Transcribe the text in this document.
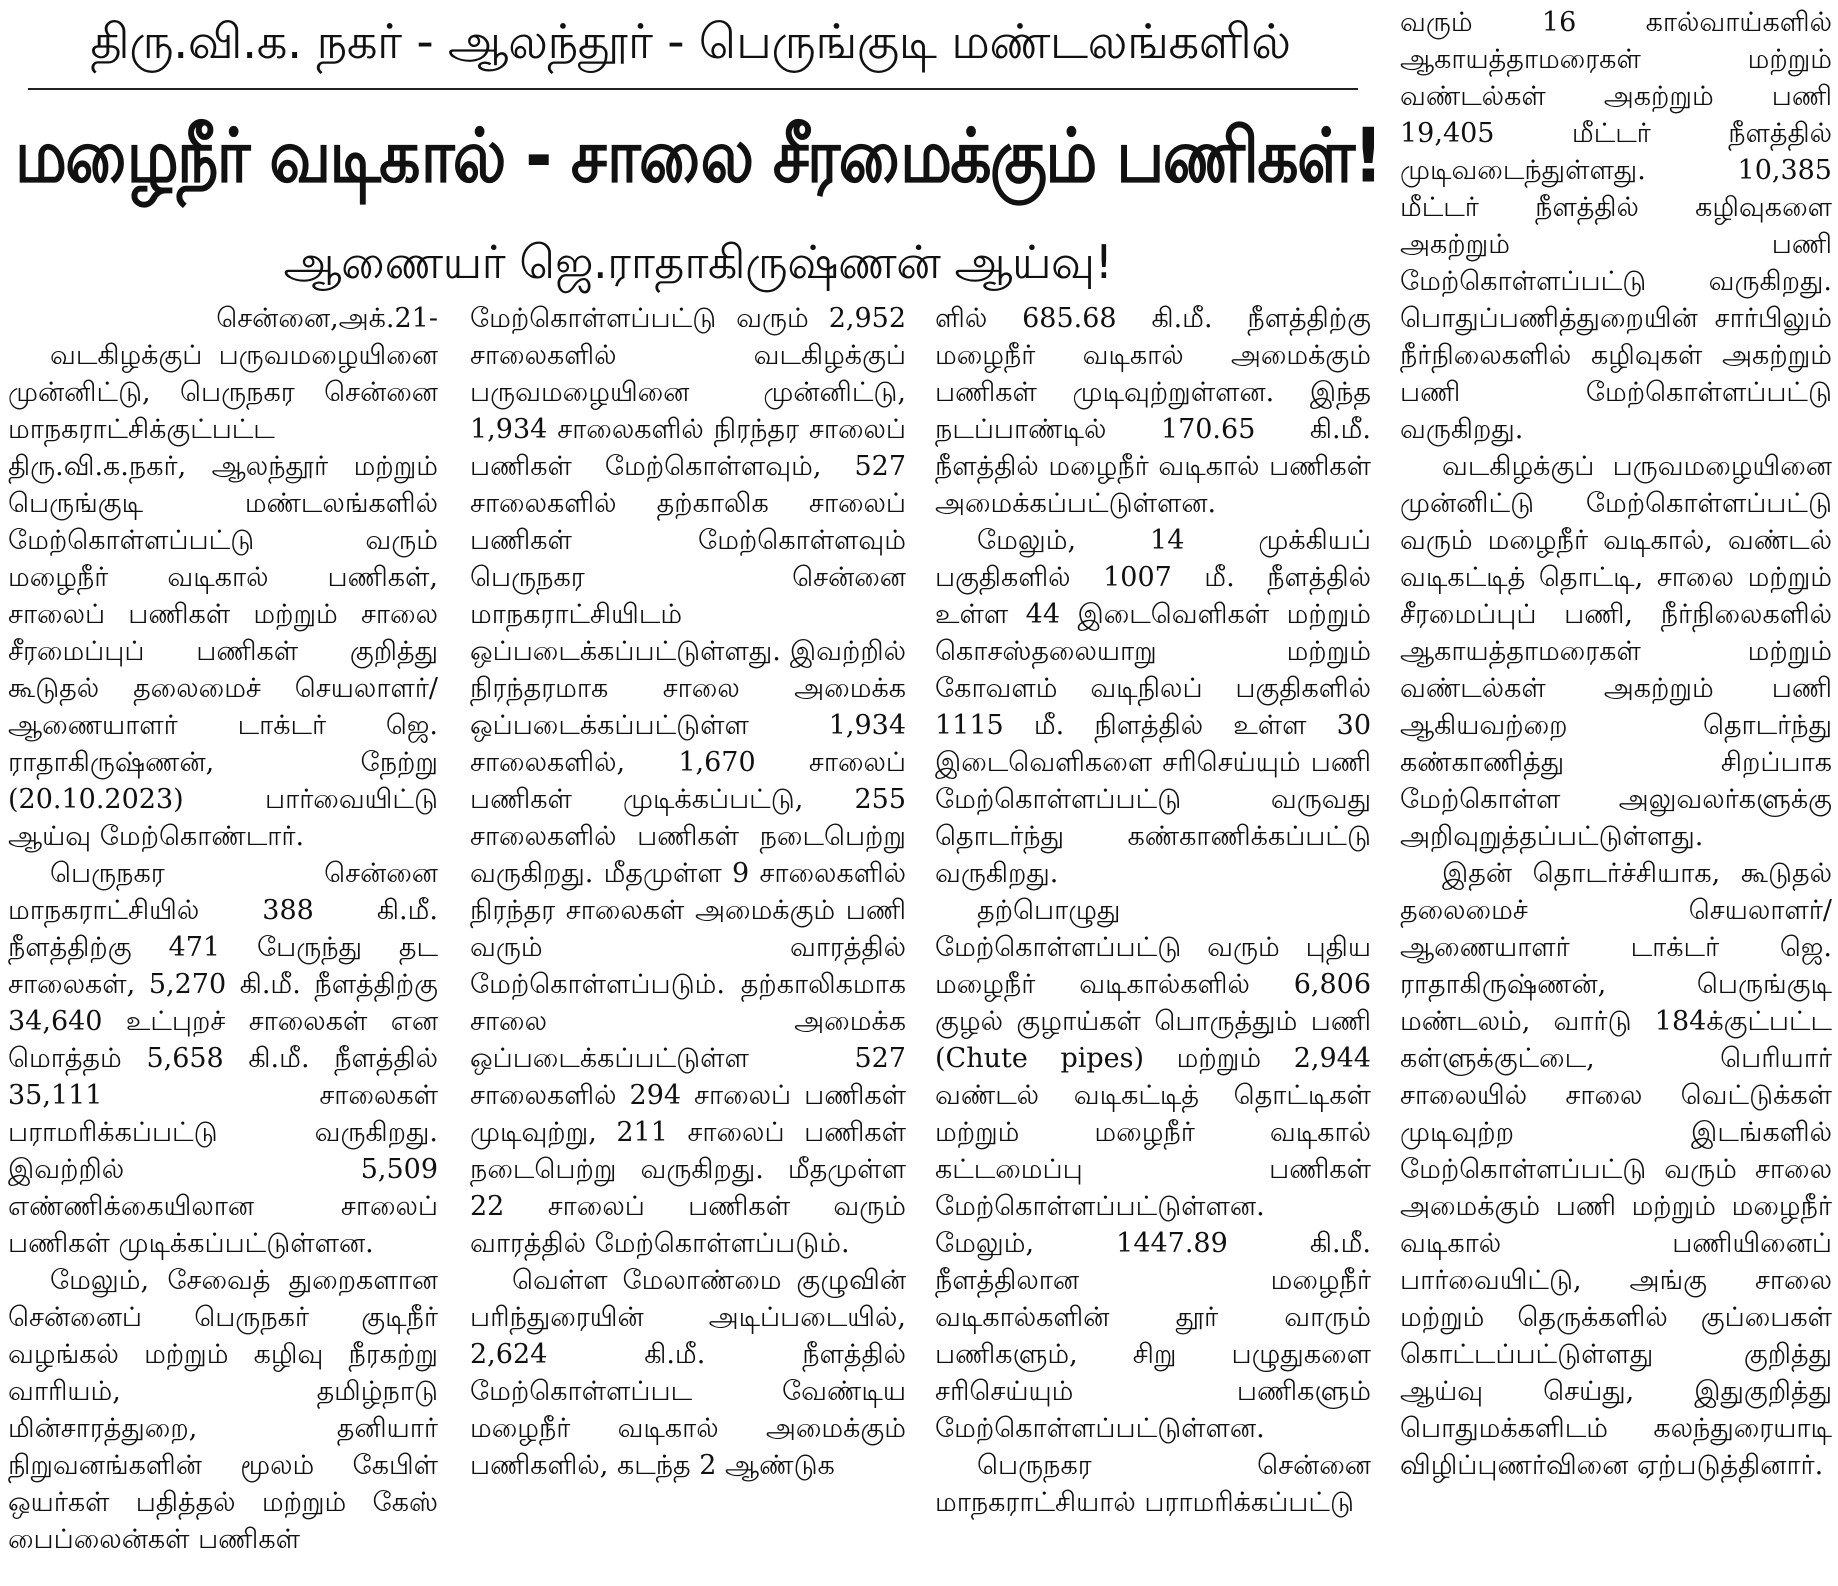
திரு.வி.க. நகர் - ஆலந்தூர் - பெருங்குடி மண்டலங்களில்
மழைநீர் வடிகால் - சாலை சீரமைக்கும் பணிகள்!
ஆணையர் ஜெ.ராதாகிருஷ்ணன் ஆய்வு!

சென்னை,அக்.21-

வடகிழக்குப் பருவமழையினை முன்னிட்டு, பெருநகர சென்னை மாநகராட்சிக்குட்பட்ட திரு.வி.க.நகர், ஆலந்தூர் மற்றும் பெருங்குடி மண்டலங்களில் மேற்கொள்ளப்பட்டு வரும் மழைநீர் வடிகால் பணிகள், சாலைப் பணிகள் மற்றும் சாலை சீரமைப்புப் பணிகள் குறித்து கூடுதல் தலைமைச் செயலாளர்/ஆணையாளர் டாக்டர் ஜெ. ராதாகிருஷ்ணன், நேற்று (20.10.2023) பார்வையிட்டு ஆய்வு மேற்கொண்டார்.

பெருநகர சென்னை மாநகராட்சியில் 388 கி.மீ. நீளத்திற்கு 471 பேருந்து தட சாலைகள், 5,270 கி.மீ. நீளத்திற்கு 34,640 உட்புறச் சாலைகள் என மொத்தம் 5,658 கி.மீ. நீளத்தில் 35,111 சாலைகள் பராமரிக்கப்பட்டு வருகிறது. இவற்றில் 5,509 எண்ணிக்கையிலான சாலைப் பணிகள் முடிக்கப்பட்டுள்ளன.

மேலும், சேவைத் துறைகளான சென்னைப் பெருநகர் குடிநீர் வழங்கல் மற்றும் கழிவு நீரகற்று வாரியம், தமிழ்நாடு மின்சாரத்துறை, தனியார் நிறுவனங்களின் மூலம் கேபிள் ஒயர்கள் பதித்தல் மற்றும் கேஸ் பைப்லைன்கள் பணிகள்

மேற்கொள்ளப்பட்டு வரும் 2,952 சாலைகளில் வடகிழக்குப் பருவமழையினை முன்னிட்டு, 1,934 சாலைகளில் நிரந்தர சாலைப் பணிகள் மேற்கொள்ளவும், 527 சாலைகளில் தற்காலிக சாலைப் பணிகள் மேற்கொள்ளவும் பெருநகர சென்னை மாநகராட்சியிடம் ஒப்படைக்கப்பட்டுள்ளது. இவற்றில் நிரந்தரமாக சாலை அமைக்க ஒப்படைக்கப்பட்டுள்ள 1,934 சாலைகளில், 1,670 சாலைப் பணிகள் முடிக்கப்பட்டு, 255 சாலைகளில் பணிகள் நடைபெற்று வருகிறது. மீதமுள்ள 9 சாலைகளில் நிரந்தர சாலைகள் அமைக்கும் பணி வரும் வாரத்தில் மேற்கொள்ளப்படும். தற்காலிகமாக சாலை அமைக்க ஒப்படைக்கப்பட்டுள்ள 527 சாலைகளில் 294 சாலைப் பணிகள் முடிவுற்று, 211 சாலைப் பணிகள் நடைபெற்று வருகிறது. மீதமுள்ள 22 சாலைப் பணிகள் வரும் வாரத்தில் மேற்கொள்ளப்படும்.

வெள்ள மேலாண்மை குழுவின் பரிந்துரையின் அடிப்படையில், 2,624 கி.மீ. நீளத்தில் மேற்கொள்ளப்பட வேண்டிய மழைநீர் வடிகால் அமைக்கும் பணிகளில், கடந்த 2 ஆண்டுக

ளில் 685.68 கி.மீ. நீளத்திற்கு மழைநீர் வடிகால் அமைக்கும் பணிகள் முடிவுற்றுள்ளன. இந்த நடப்பாண்டில் 170.65 கி.மீ. நீளத்தில் மழைநீர் வடிகால் பணிகள் அமைக்கப்பட்டுள்ளன.

மேலும், 14 முக்கியப் பகுதிகளில் 1007 மீ. நீளத்தில் உள்ள 44 இடைவெளிகள் மற்றும் கொசஸ்தலையாறு மற்றும் கோவளம் வடிநிலப் பகுதிகளில் 1115 மீ. நிளத்தில் உள்ள 30 இடைவெளிகளை சரிசெய்யும் பணி மேற்கொள்ளப்பட்டு வருவது தொடர்ந்து கண்காணிக்கப்பட்டு வருகிறது.

தற்பொழுது மேற்கொள்ளப்பட்டு வரும் புதிய மழைநீர் வடிகால்களில் 6,806 குழல் குழாய்கள் பொருத்தும் பணி (Chute pipes) மற்றும் 2,944 வண்டல் வடிகட்டித் தொட்டிகள் மற்றும் மழைநீர் வடிகால் கட்டமைப்பு பணிகள் மேற்கொள்ளப்பட்டுள்ளன. மேலும், 1447.89 கி.மீ. நீளத்திலான மழைநீர் வடிகால்களின் தூர் வாரும் பணிகளும், சிறு பழுதுகளை சரிசெய்யும் பணிகளும் மேற்கொள்ளப்பட்டுள்ளன.

பெருநகர சென்னை மாநகராட்சியால் பராமரிக்கப்பட்டு

வரும் 16 கால்வாய்களில் ஆகாயத்தாமரைகள் மற்றும் வண்டல்கள் அகற்றும் பணி 19,405 மீட்டர் நீளத்தில் முடிவடைந்துள்ளது. 10,385 மீட்டர் நீளத்தில் கழிவுகளை அகற்றும் பணி மேற்கொள்ளப்பட்டு வருகிறது. பொதுப்பணித்துறையின் சார்பிலும் நீர்நிலைகளில் கழிவுகள் அகற்றும் பணி மேற்கொள்ளப்பட்டு வருகிறது.

வடகிழக்குப் பருவமழையினை முன்னிட்டு மேற்கொள்ளப்பட்டு வரும் மழைநீர் வடிகால், வண்டல் வடிகட்டித் தொட்டி, சாலை மற்றும் சீரமைப்புப் பணி, நீர்நிலைகளில் ஆகாயத்தாமரைகள் மற்றும் வண்டல்கள் அகற்றும் பணி ஆகியவற்றை தொடர்ந்து கண்காணித்து சிறப்பாக மேற்கொள்ள அலுவலர்களுக்கு அறிவுறுத்தப்பட்டுள்ளது.

இதன் தொடர்ச்சியாக, கூடுதல் தலைமைச் செயலாளர்/ஆணையாளர் டாக்டர் ஜெ. ராதாகிருஷ்ணன், பெருங்குடி மண்டலம், வார்டு 184க்குட்பட்ட கள்ளுக்குட்டை, பெரியார் சாலையில் சாலை வெட்டுக்கள் முடிவுற்ற இடங்களில் மேற்கொள்ளப்பட்டு வரும் சாலை அமைக்கும் பணி மற்றும் மழைநீர் வடிகால் பணியினைப் பார்வையிட்டு, அங்கு சாலை மற்றும் தெருக்களில் குப்பைகள் கொட்டப்பட்டுள்ளது குறித்து ஆய்வு செய்து, இதுகுறித்து பொதுமக்களிடம் கலந்துரையாடி விழிப்புணர்வினை ஏற்படுத்தினார்.
